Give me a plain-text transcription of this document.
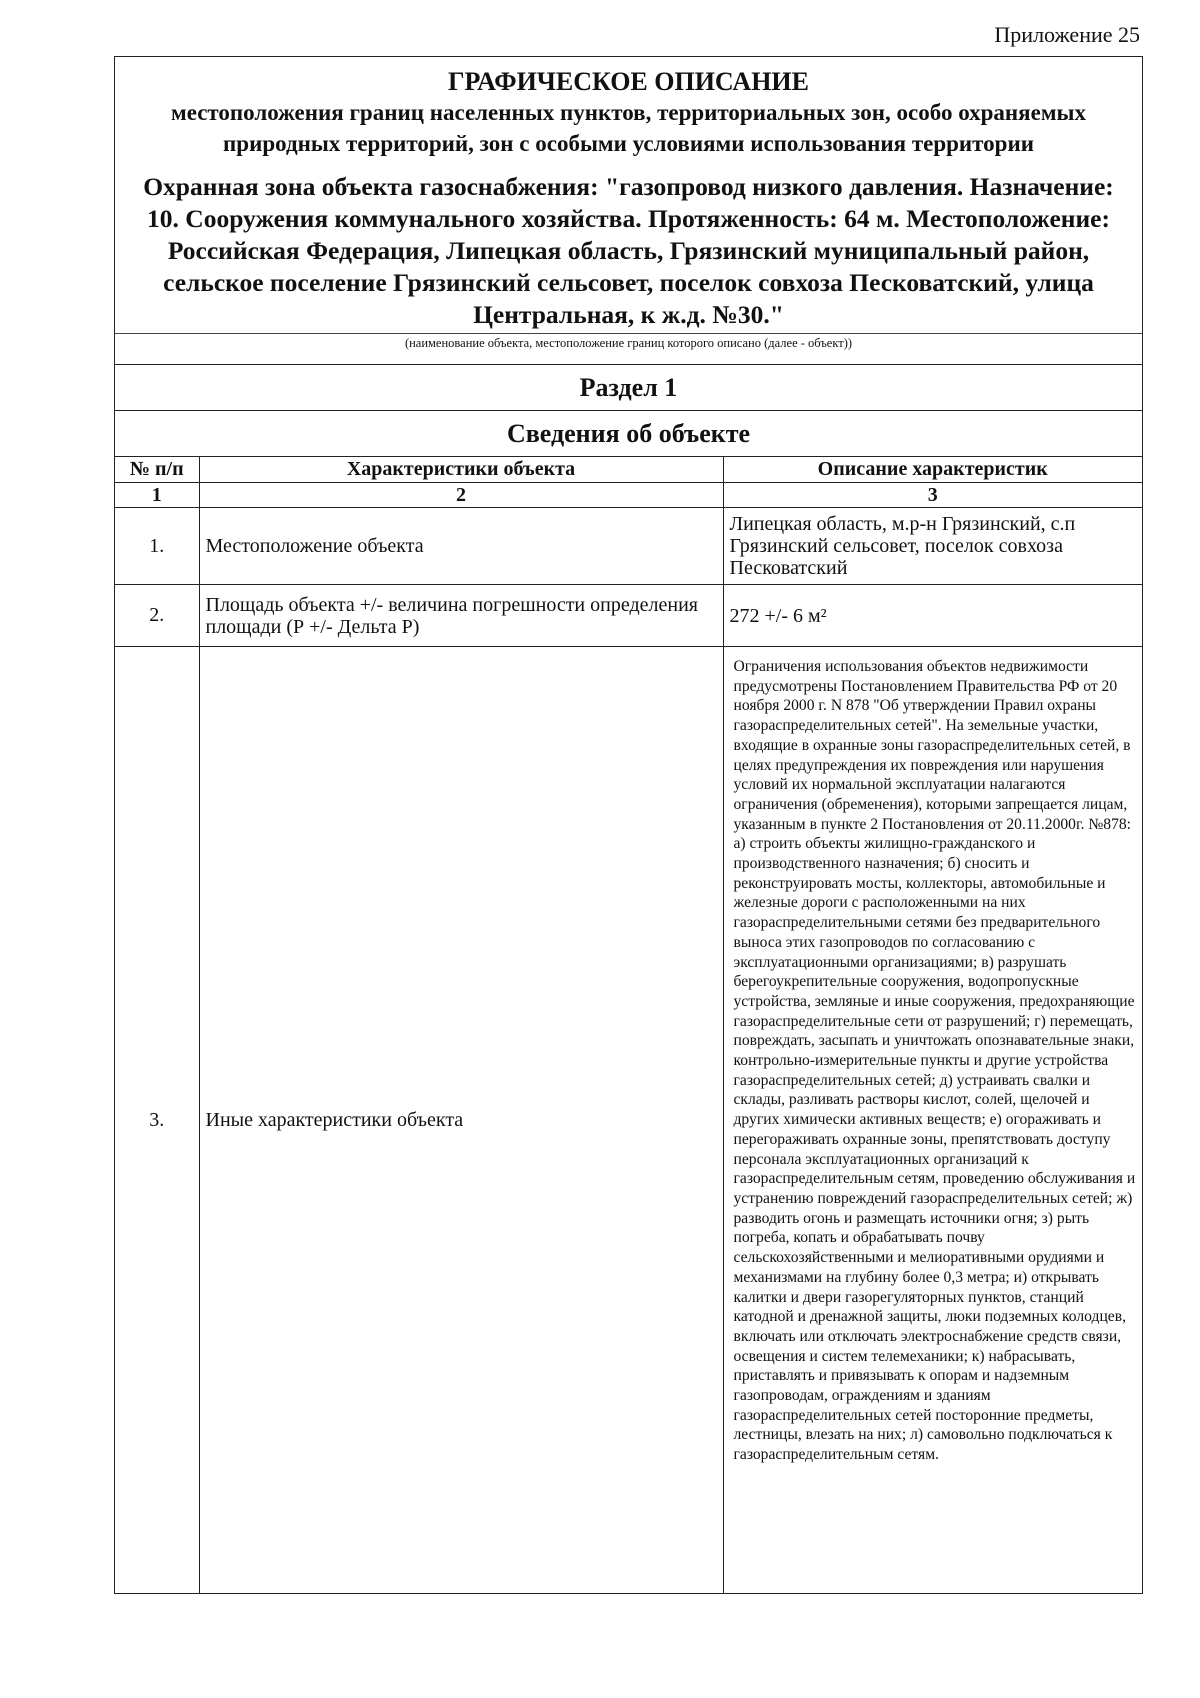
Приложение 25
ГРАФИЧЕСКОЕ ОПИСАНИЕ
местоположения границ населенных пунктов, территориальных зон, особо охраняемых природных территорий, зон с особыми условиями использования территории
Охранная зона объекта газоснабжения: "газопровод низкого давления. Назначение: 10. Сооружения коммунального хозяйства. Протяженность: 64 м. Местоположение: Российская Федерация, Липецкая область, Грязинский муниципальный район, сельское поселение Грязинский сельсовет, поселок совхоза Песковатский, улица Центральная, к ж.д. №30."
(наименование объекта, местоположение границ которого описано (далее - объект))
Раздел 1
Сведения об объекте
№ п/п	Характеристики объекта	Описание характеристик
1	2	3
1.	Местоположение объекта	Липецкая область, м.р-н Грязинский, с.п Грязинский сельсовет, поселок совхоза Песковатский
2.	Площадь объекта +/- величина погрешности определения площади (Р +/- Дельта Р)	272 +/- 6 м²
3.	Иные характеристики объекта	Ограничения использования объектов недвижимости предусмотрены Постановлением Правительства РФ от 20 ноября 2000 г. N 878 "Об утверждении Правил охраны газораспределительных сетей". На земельные участки, входящие в охранные зоны газораспределительных сетей, в целях предупреждения их повреждения или нарушения условий их нормальной эксплуатации налагаются ограничения (обременения), которыми запрещается лицам, указанным в пункте 2 Постановления от 20.11.2000г. №878: а) строить объекты жилищно-гражданского и производственного назначения; б) сносить и реконструировать мосты, коллекторы, автомобильные и железные дороги с расположенными на них газораспределительными сетями без предварительного выноса этих газопроводов по согласованию с эксплуатационными организациями; в) разрушать берегоукрепительные сооружения, водопропускные устройства, земляные и иные сооружения, предохраняющие газораспределительные сети от разрушений; г) перемещать, повреждать, засыпать и уничтожать опознавательные знаки, контрольно-измерительные пункты и другие устройства газораспределительных сетей; д) устраивать свалки и склады, разливать растворы кислот, солей, щелочей и других химически активных веществ; е) огораживать и перегораживать охранные зоны, препятствовать доступу персонала эксплуатационных организаций к газораспределительным сетям, проведению обслуживания и устранению повреждений газораспределительных сетей; ж) разводить огонь и размещать источники огня; з) рыть погреба, копать и обрабатывать почву сельскохозяйственными и мелиоративными орудиями и механизмами на глубину более 0,3 метра; и) открывать калитки и двери газорегуляторных пунктов, станций катодной и дренажной защиты, люки подземных колодцев, включать или отключать электроснабжение средств связи, освещения и систем телемеханики; к) набрасывать, приставлять и привязывать к опорам и надземным газопроводам, ограждениям и зданиям газораспределительных сетей посторонние предметы, лестницы, влезать на них; л) самовольно подключаться к газораспределительным сетям.
